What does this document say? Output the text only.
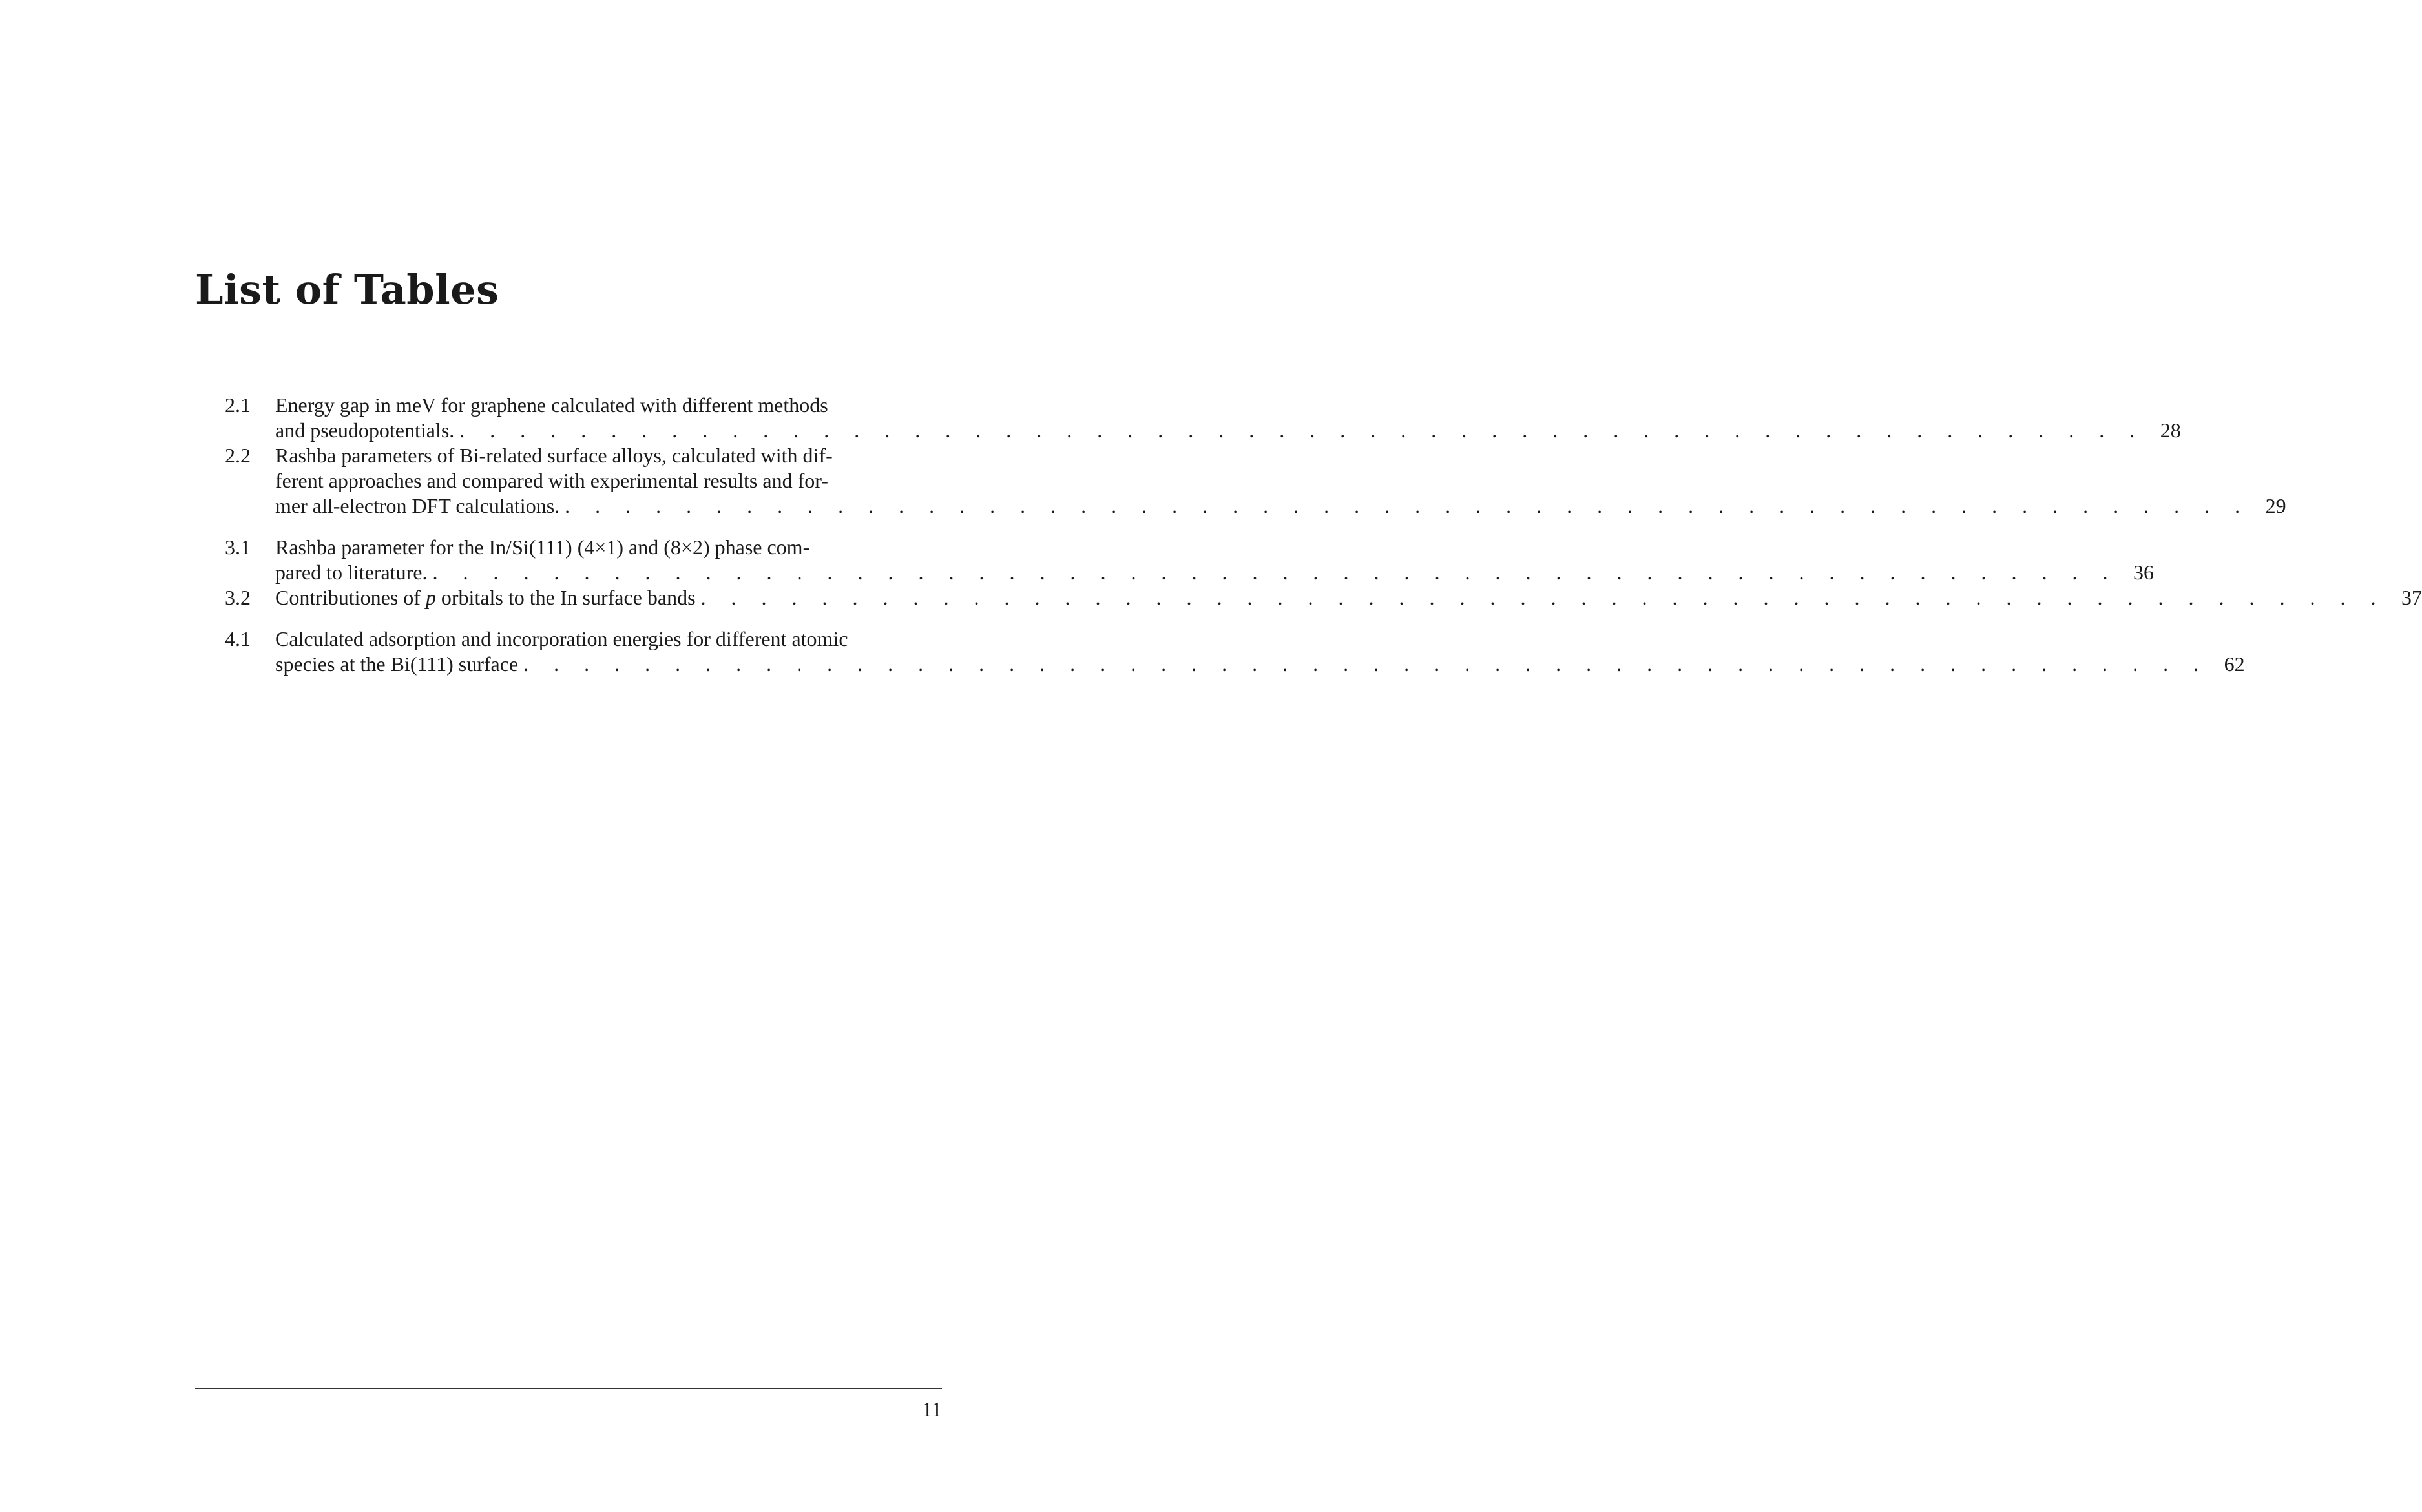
List of Tables
2.1 Energy gap in meV for graphene calculated with different methods
and pseudopotentials. . . . . . . . . . . . . . . . . . . . . . . . . . . . . . . . . . . . . . . . . . . . . . . . . . . . . . . . . 28
2.2 Rashba parameters of Bi-related surface alloys, calculated with dif-
ferent approaches and compared with experimental results and for-
mer all-electron DFT calculations. . . . . . . . . . . . . . . . . . . . . . . . . . . . . . . . . . . . . . . . . . . . . . . . . . . . . . . . . 29
3.1 Rashba parameter for the In/Si(111) (4×1) and (8×2) phase com-
pared to literature. . . . . . . . . . . . . . . . . . . . . . . . . . . . . . . . . . . . . . . . . . . . . . . . . . . . . . . . . 36
3.2 Contributiones of p orbitals to the In surface bands . . . . . . . . . . . . . . . . . . . . . . . . . . . . . . . . . . . . . . . . . . . . . . . . . . . . . . . . 37
4.1 Calculated adsorption and incorporation energies for different atomic
species at the Bi(111) surface . . . . . . . . . . . . . . . . . . . . . . . . . . . . . . . . . . . . . . . . . . . . . . . . . . . . . . . . 62
11
